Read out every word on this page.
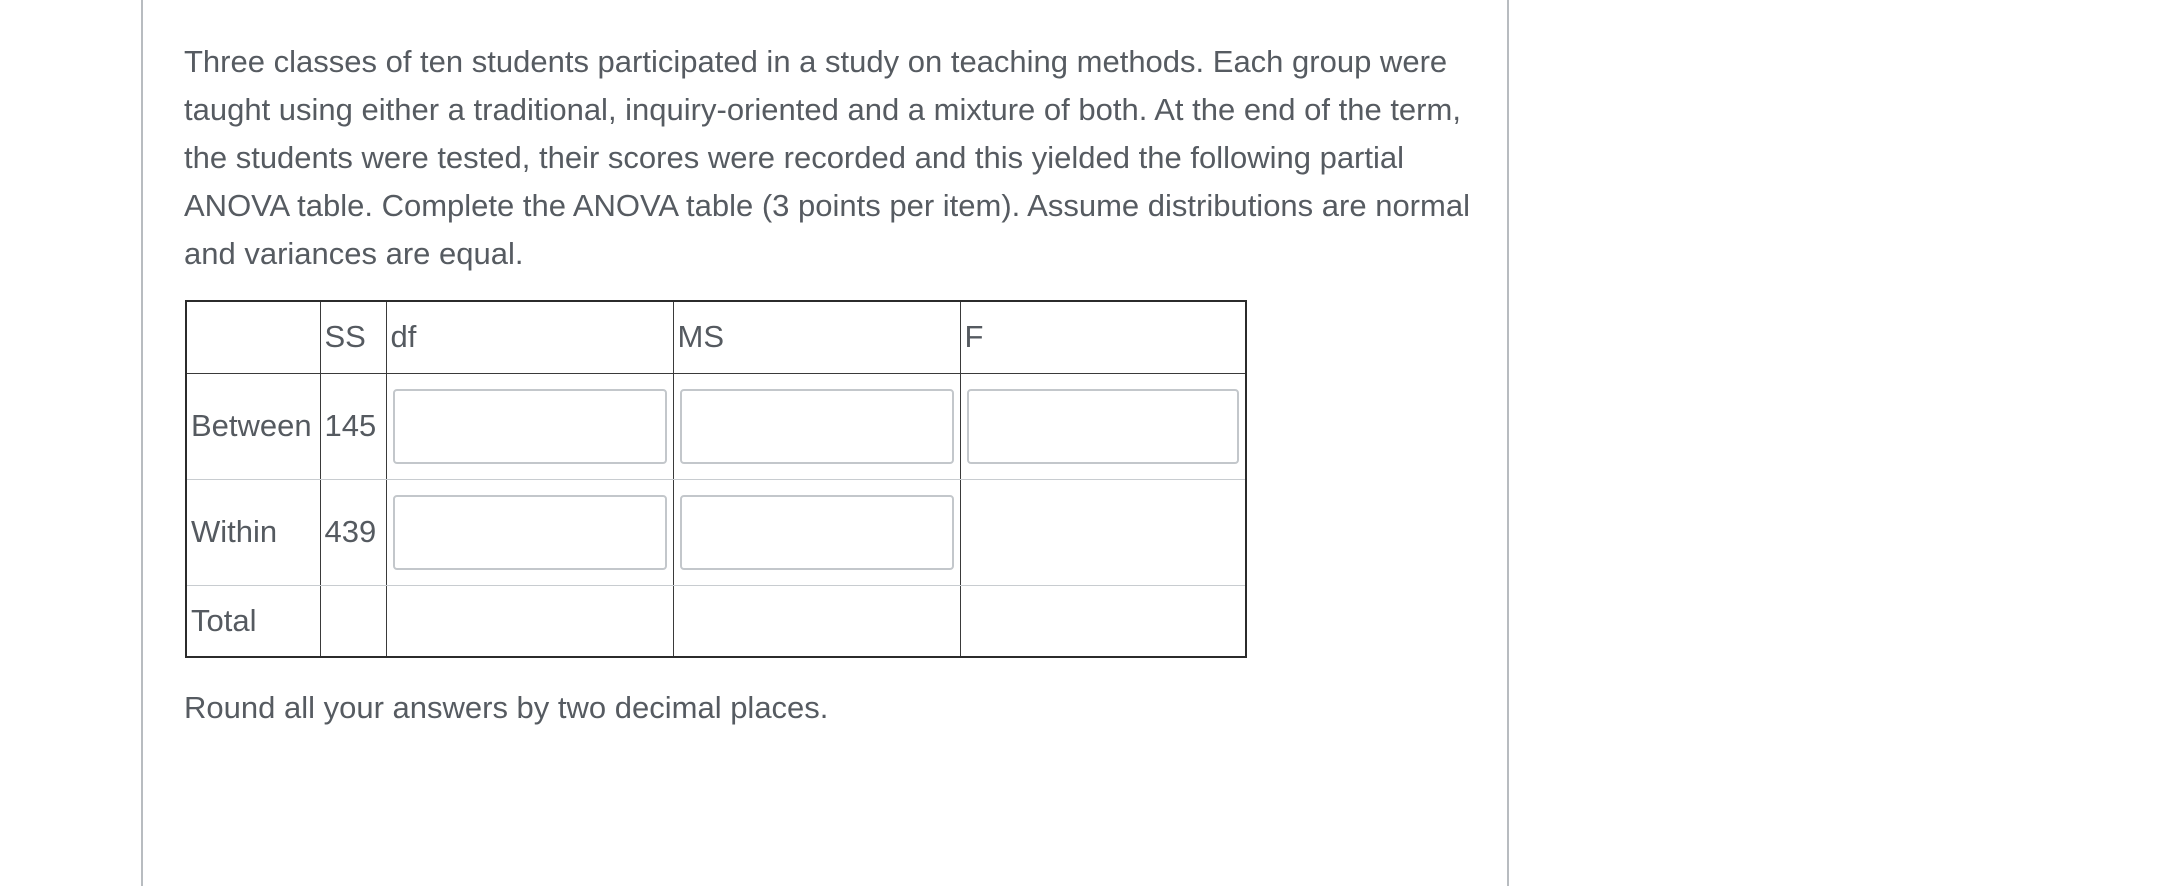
Three classes of ten students participated in a study on teaching methods. Each group were taught using either a traditional, inquiry-oriented and a mixture of both. At the end of the term, the students were tested, their scores were recorded and this yielded the following partial ANOVA table. Complete the ANOVA table (3 points per item). Assume distributions are normal and variances are equal.

	SS	df	MS	F
Between	145	

Within	439	

Total				

Round all your answers by two decimal places.
